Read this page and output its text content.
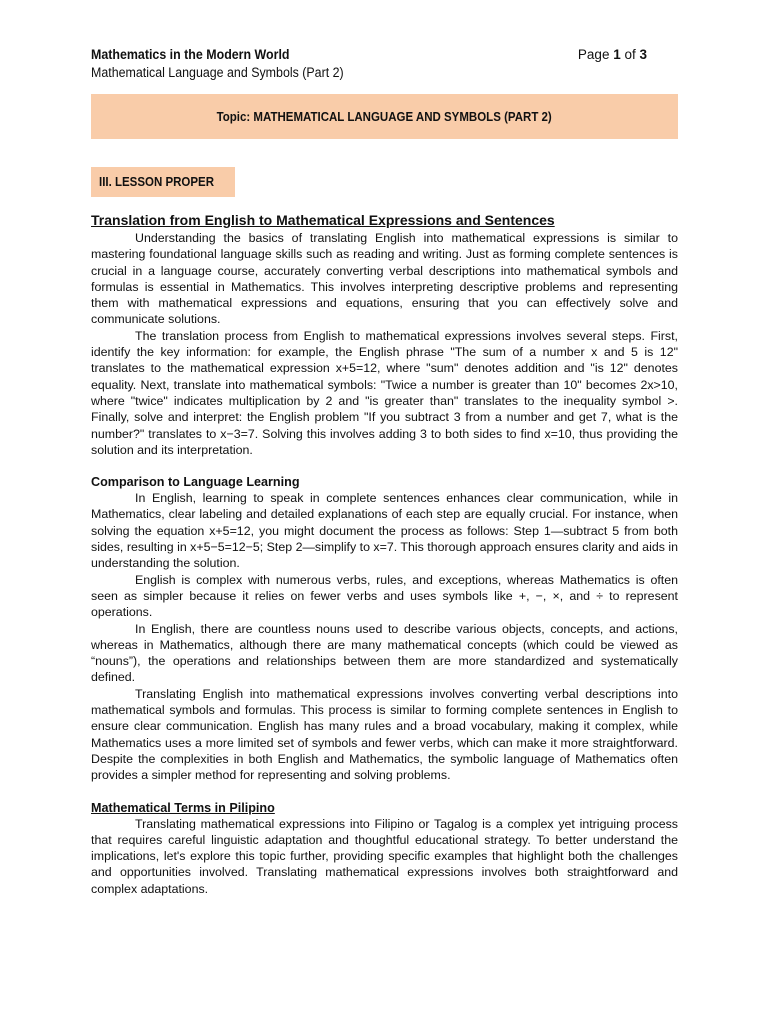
Mathematics in the Modern World
Mathematical Language and Symbols (Part 2)
Page 1 of 3
Topic: MATHEMATICAL LANGUAGE AND SYMBOLS (PART 2)
III. LESSON PROPER
Translation from English to Mathematical Expressions and Sentences

Understanding the basics of translating English into mathematical expressions is similar to mastering foundational language skills such as reading and writing. Just as forming complete sentences is crucial in a language course, accurately converting verbal descriptions into mathematical symbols and formulas is essential in Mathematics. This involves interpreting descriptive problems and representing them with mathematical expressions and equations, ensuring that you can effectively solve and communicate solutions.

The translation process from English to mathematical expressions involves several steps. First, identify the key information: for example, the English phrase "The sum of a number x and 5 is 12" translates to the mathematical expression x+5=12, where "sum" denotes addition and "is 12" denotes equality. Next, translate into mathematical symbols: "Twice a number is greater than 10" becomes 2x>10, where "twice" indicates multiplication by 2 and "is greater than" translates to the inequality symbol >. Finally, solve and interpret: the English problem "If you subtract 3 from a number and get 7, what is the number?" translates to x−3=7. Solving this involves adding 3 to both sides to find x=10, thus providing the solution and its interpretation.

Comparison to Language Learning

In English, learning to speak in complete sentences enhances clear communication, while in Mathematics, clear labeling and detailed explanations of each step are equally crucial. For instance, when solving the equation x+5=12, you might document the process as follows: Step 1—subtract 5 from both sides, resulting in x+5−5=12−5; Step 2—simplify to x=7. This thorough approach ensures clarity and aids in understanding the solution.

English is complex with numerous verbs, rules, and exceptions, whereas Mathematics is often seen as simpler because it relies on fewer verbs and uses symbols like +, −, ×, and ÷ to represent operations.

In English, there are countless nouns used to describe various objects, concepts, and actions, whereas in Mathematics, although there are many mathematical concepts (which could be viewed as “nouns”), the operations and relationships between them are more standardized and systematically defined.

Translating English into mathematical expressions involves converting verbal descriptions into mathematical symbols and formulas. This process is similar to forming complete sentences in English to ensure clear communication. English has many rules and a broad vocabulary, making it complex, while Mathematics uses a more limited set of symbols and fewer verbs, which can make it more straightforward. Despite the complexities in both English and Mathematics, the symbolic language of Mathematics often provides a simpler method for representing and solving problems.

Mathematical Terms in Pilipino

Translating mathematical expressions into Filipino or Tagalog is a complex yet intriguing process that requires careful linguistic adaptation and thoughtful educational strategy. To better understand the implications, let's explore this topic further, providing specific examples that highlight both the challenges and opportunities involved. Translating mathematical expressions involves both straightforward and complex adaptations.
